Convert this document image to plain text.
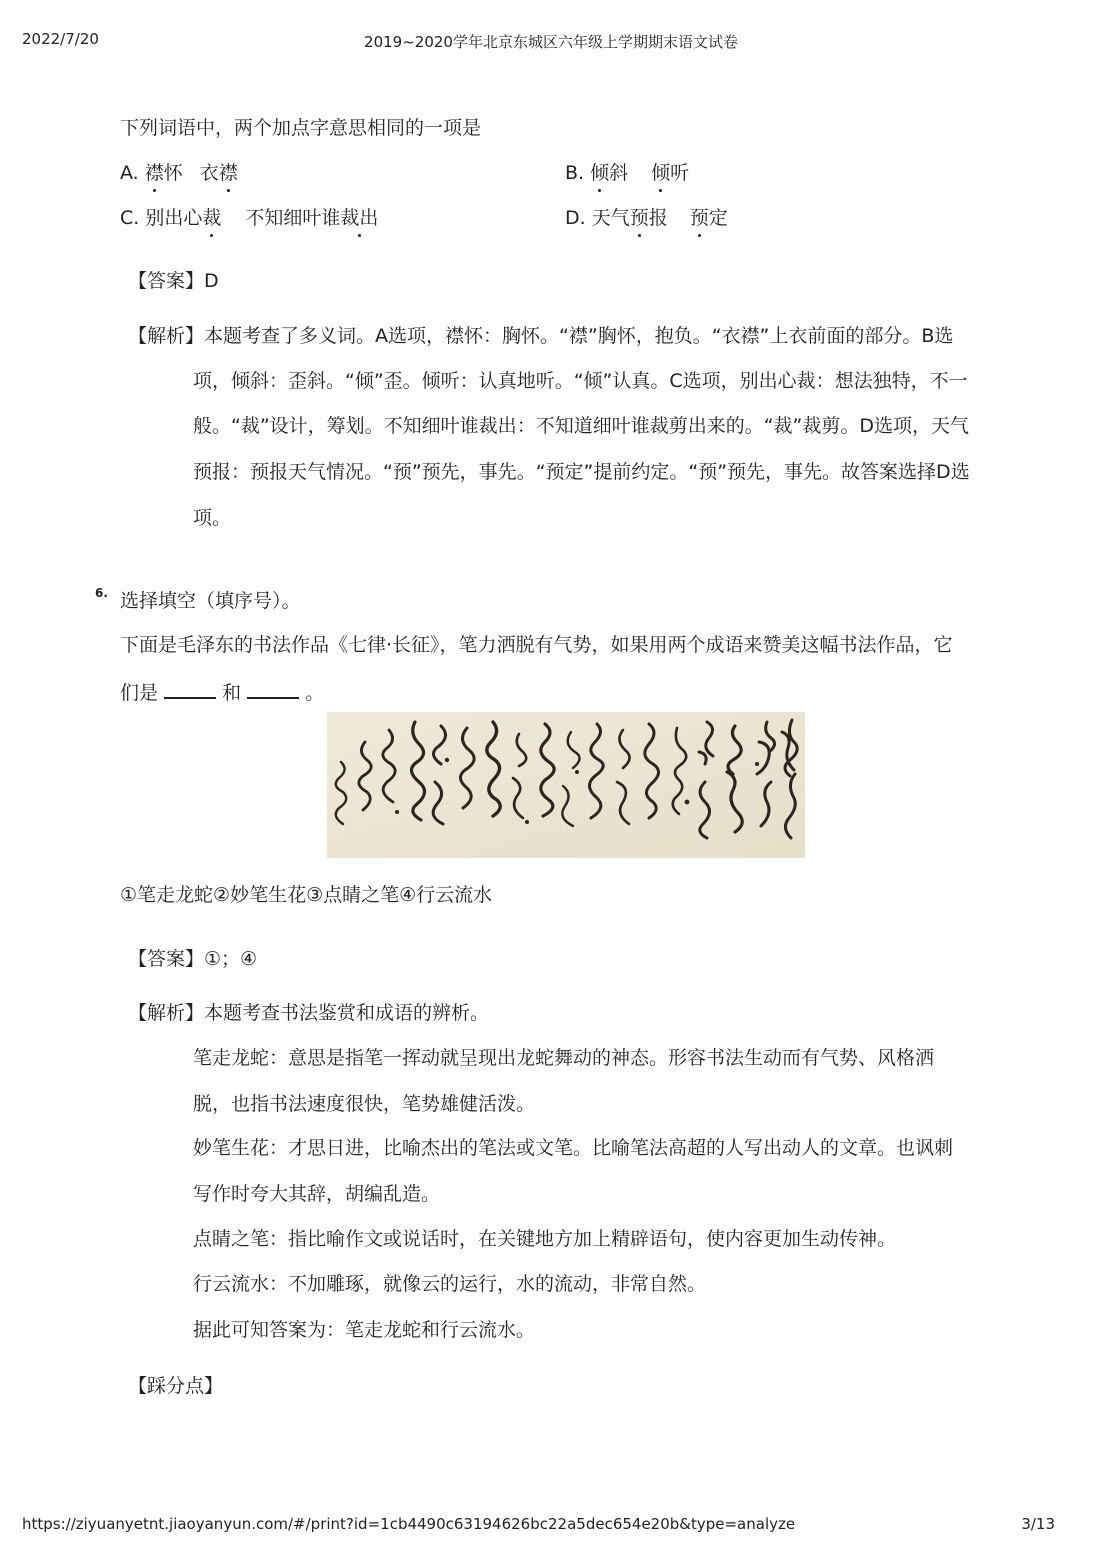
2022/7/20	2019~2020学年北京东城区六年级上学期期末语文试卷
下列词语中，两个加点字意思相同的一项是
A. 襟怀 衣襟	B. 倾斜 倾听
C. 别出心裁 不知细叶谁裁出	D. 天气预报 预定
【答案】D
【解析】本题考查了多义词。A选项，襟怀：胸怀。“襟”胸怀，抱负。“衣襟”上衣前面的部分。B选
项，倾斜：歪斜。“倾”歪。倾听：认真地听。“倾”认真。C选项，别出心裁：想法独特，不一
般。“裁”设计，筹划。不知细叶谁裁出：不知道细叶谁裁剪出来的。“裁”裁剪。D选项，天气
预报：预报天气情况。“预”预先，事先。“预定”提前约定。“预”预先，事先。故答案选择D选
项。
6. 选择填空（填序号）。
下面是毛泽东的书法作品《七律·长征》，笔力洒脱有气势，如果用两个成语来赞美这幅书法作品，它
们是	和	。
①笔走龙蛇②妙笔生花③点睛之笔④行云流水
【答案】①；④
【解析】本题考查书法鉴赏和成语的辨析。
笔走龙蛇：意思是指笔一挥动就呈现出龙蛇舞动的神态。形容书法生动而有气势、风格洒
脱，也指书法速度很快，笔势雄健活泼。
妙笔生花：才思日进，比喻杰出的笔法或文笔。比喻笔法高超的人写出动人的文章。也讽刺
写作时夸大其辞，胡编乱造。
点睛之笔：指比喻作文或说话时，在关键地方加上精辟语句，使内容更加生动传神。
行云流水：不加雕琢，就像云的运行，水的流动，非常自然。
据此可知答案为：笔走龙蛇和行云流水。
【踩分点】
https://ziyuanyetnt.jiaoyanyun.com/#/print?id=1cb4490c63194626bc22a5dec654e20b&type=analyze	3/13
